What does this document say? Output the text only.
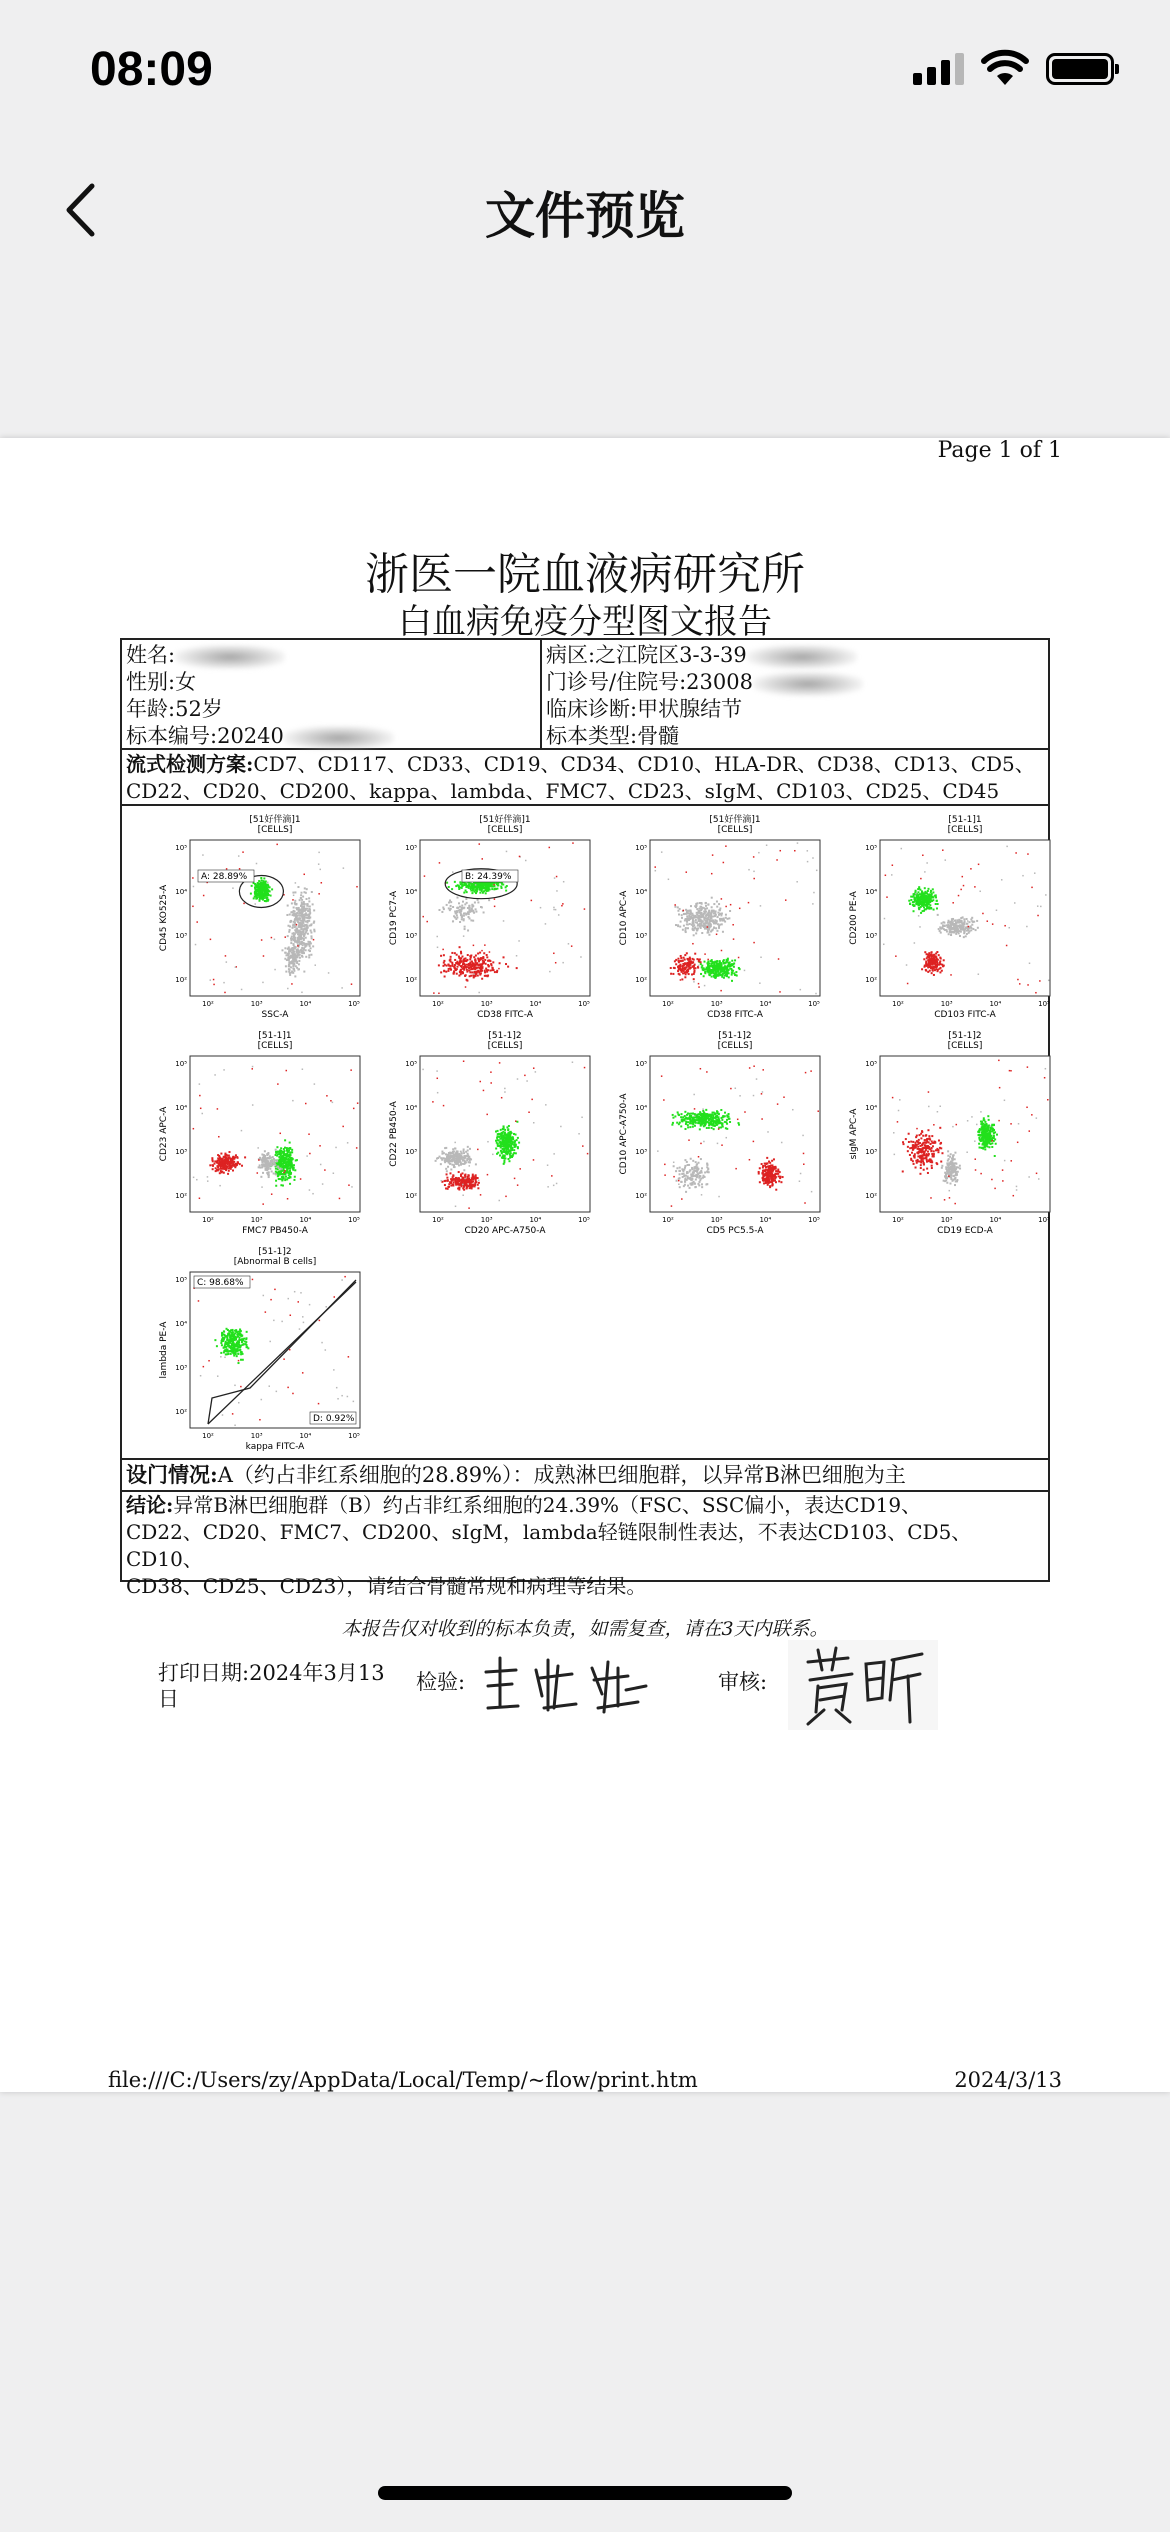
08:09
文件预览
Page 1 of 1
浙医一院血液病研究所
白血病免疫分型图文报告
姓名:
性别:女
年龄:52岁
标本编号:20240
病区:之江院区3-3-39
门诊号/住院号:23008
临床诊断:甲状腺结节
标本类型:骨髓
流式检测方案:CD7、CD117、CD33、CD19、CD34、CD10、HLA-DR、CD38、CD13、CD5、
CD22、CD20、CD200、kappa、lambda、FMC7、CD23、sIgM、CD103、CD25、CD45
[51好伴滴]1
[CELLS]
A: 28.89%
10²
10²
10³
10³
10⁴
10⁴
10⁵
10⁵
SSC-A
CD45 KO525-A
[51好伴滴]1
[CELLS]
B: 24.39%
10²
10²
10³
10³
10⁴
10⁴
10⁵
10⁵
CD38 FITC-A
CD19 PC7-A
[51好伴滴]1
[CELLS]
10²
10²
10³
10³
10⁴
10⁴
10⁵
10⁵
CD38 FITC-A
CD10 APC-A
[51-1]1
[CELLS]
10²
10²
10³
10³
10⁴
10⁴
10⁵
10⁵
CD103 FITC-A
CD200 PE-A
[51-1]1
[CELLS]
10²
10²
10³
10³
10⁴
10⁴
10⁵
10⁵
FMC7 PB450-A
CD23 APC-A
[51-1]2
[CELLS]
10²
10²
10³
10³
10⁴
10⁴
10⁵
10⁵
CD20 APC-A750-A
CD22 PB450-A
[51-1]2
[CELLS]
10²
10²
10³
10³
10⁴
10⁴
10⁵
10⁵
CD5 PC5.5-A
CD10 APC-A750-A
[51-1]2
[CELLS]
10²
10²
10³
10³
10⁴
10⁴
10⁵
10⁵
CD19 ECD-A
sIgM APC-A
[51-1]2
[Abnormal B cells]
C: 98.68%
D: 0.92%
10²
10²
10³
10³
10⁴
10⁴
10⁵
10⁵
kappa FITC-A
lambda PE-A
设门情况:A（约占非红系细胞的28.89%）：成熟淋巴细胞群，以异常B淋巴细胞为主
结论:异常B淋巴细胞群（B）约占非红系细胞的24.39%（FSC、SSC偏小，表达CD19、
CD22、CD20、FMC7、CD200、sIgM，lambda轻链限制性表达，不表达CD103、CD5、CD10、
CD38、CD25、CD23），请结合骨髓常规和病理等结果。
本报告仅对收到的标本负责，如需复查，请在3天内联系。
打印日期:2024年3月13
日
检验:	审核:
file:///C:/Users/zy/AppData/Local/Temp/~flow/print.htm	2024/3/13
